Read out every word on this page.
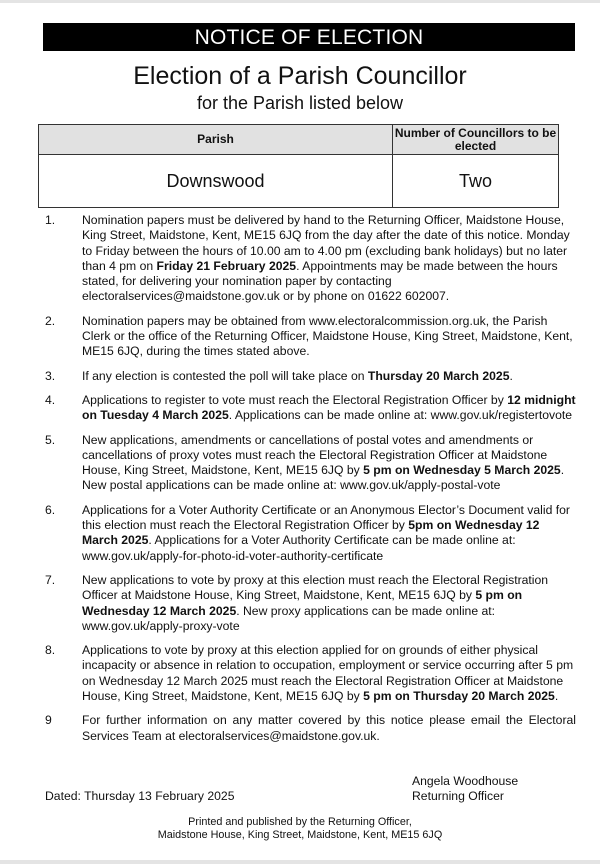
NOTICE OF ELECTION
Election of a Parish Councillor
for the Parish listed below
Parish	Number of Councillors to be elected
Downswood	Two
1. Nomination papers must be delivered by hand to the Returning Officer, Maidstone House, King Street, Maidstone, Kent, ME15 6JQ from the day after the date of this notice. Monday to Friday between the hours of 10.00 am to 4.00 pm (excluding bank holidays) but no later than 4 pm on Friday 21 February 2025. Appointments may be made between the hours stated, for delivering your nomination paper by contacting electoralservices@maidstone.gov.uk or by phone on 01622 602007.
2. Nomination papers may be obtained from www.electoralcommission.org.uk, the Parish Clerk or the office of the Returning Officer, Maidstone House, King Street, Maidstone, Kent, ME15 6JQ, during the times stated above.
3. If any election is contested the poll will take place on Thursday 20 March 2025.
4. Applications to register to vote must reach the Electoral Registration Officer by 12 midnight on Tuesday 4 March 2025. Applications can be made online at: www.gov.uk/registertovote
5. New applications, amendments or cancellations of postal votes and amendments or cancellations of proxy votes must reach the Electoral Registration Officer at Maidstone House, King Street, Maidstone, Kent, ME15 6JQ by 5 pm on Wednesday 5 March 2025. New postal applications can be made online at: www.gov.uk/apply-postal-vote
6. Applications for a Voter Authority Certificate or an Anonymous Elector’s Document valid for this election must reach the Electoral Registration Officer by 5pm on Wednesday 12 March 2025. Applications for a Voter Authority Certificate can be made online at: www.gov.uk/apply-for-photo-id-voter-authority-certificate
7. New applications to vote by proxy at this election must reach the Electoral Registration Officer at Maidstone House, King Street, Maidstone, Kent, ME15 6JQ by 5 pm on Wednesday 12 March 2025. New proxy applications can be made online at: www.gov.uk/apply-proxy-vote
8. Applications to vote by proxy at this election applied for on grounds of either physical incapacity or absence in relation to occupation, employment or service occurring after 5 pm on Wednesday 12 March 2025 must reach the Electoral Registration Officer at Maidstone House, King Street, Maidstone, Kent, ME15 6JQ by 5 pm on Thursday 20 March 2025.
9 For further information on any matter covered by this notice please email the Electoral Services Team at electoralservices@maidstone.gov.uk.
Dated: Thursday 13 February 2025
Angela Woodhouse
Returning Officer
Printed and published by the Returning Officer,
Maidstone House, King Street, Maidstone, Kent, ME15 6JQ
